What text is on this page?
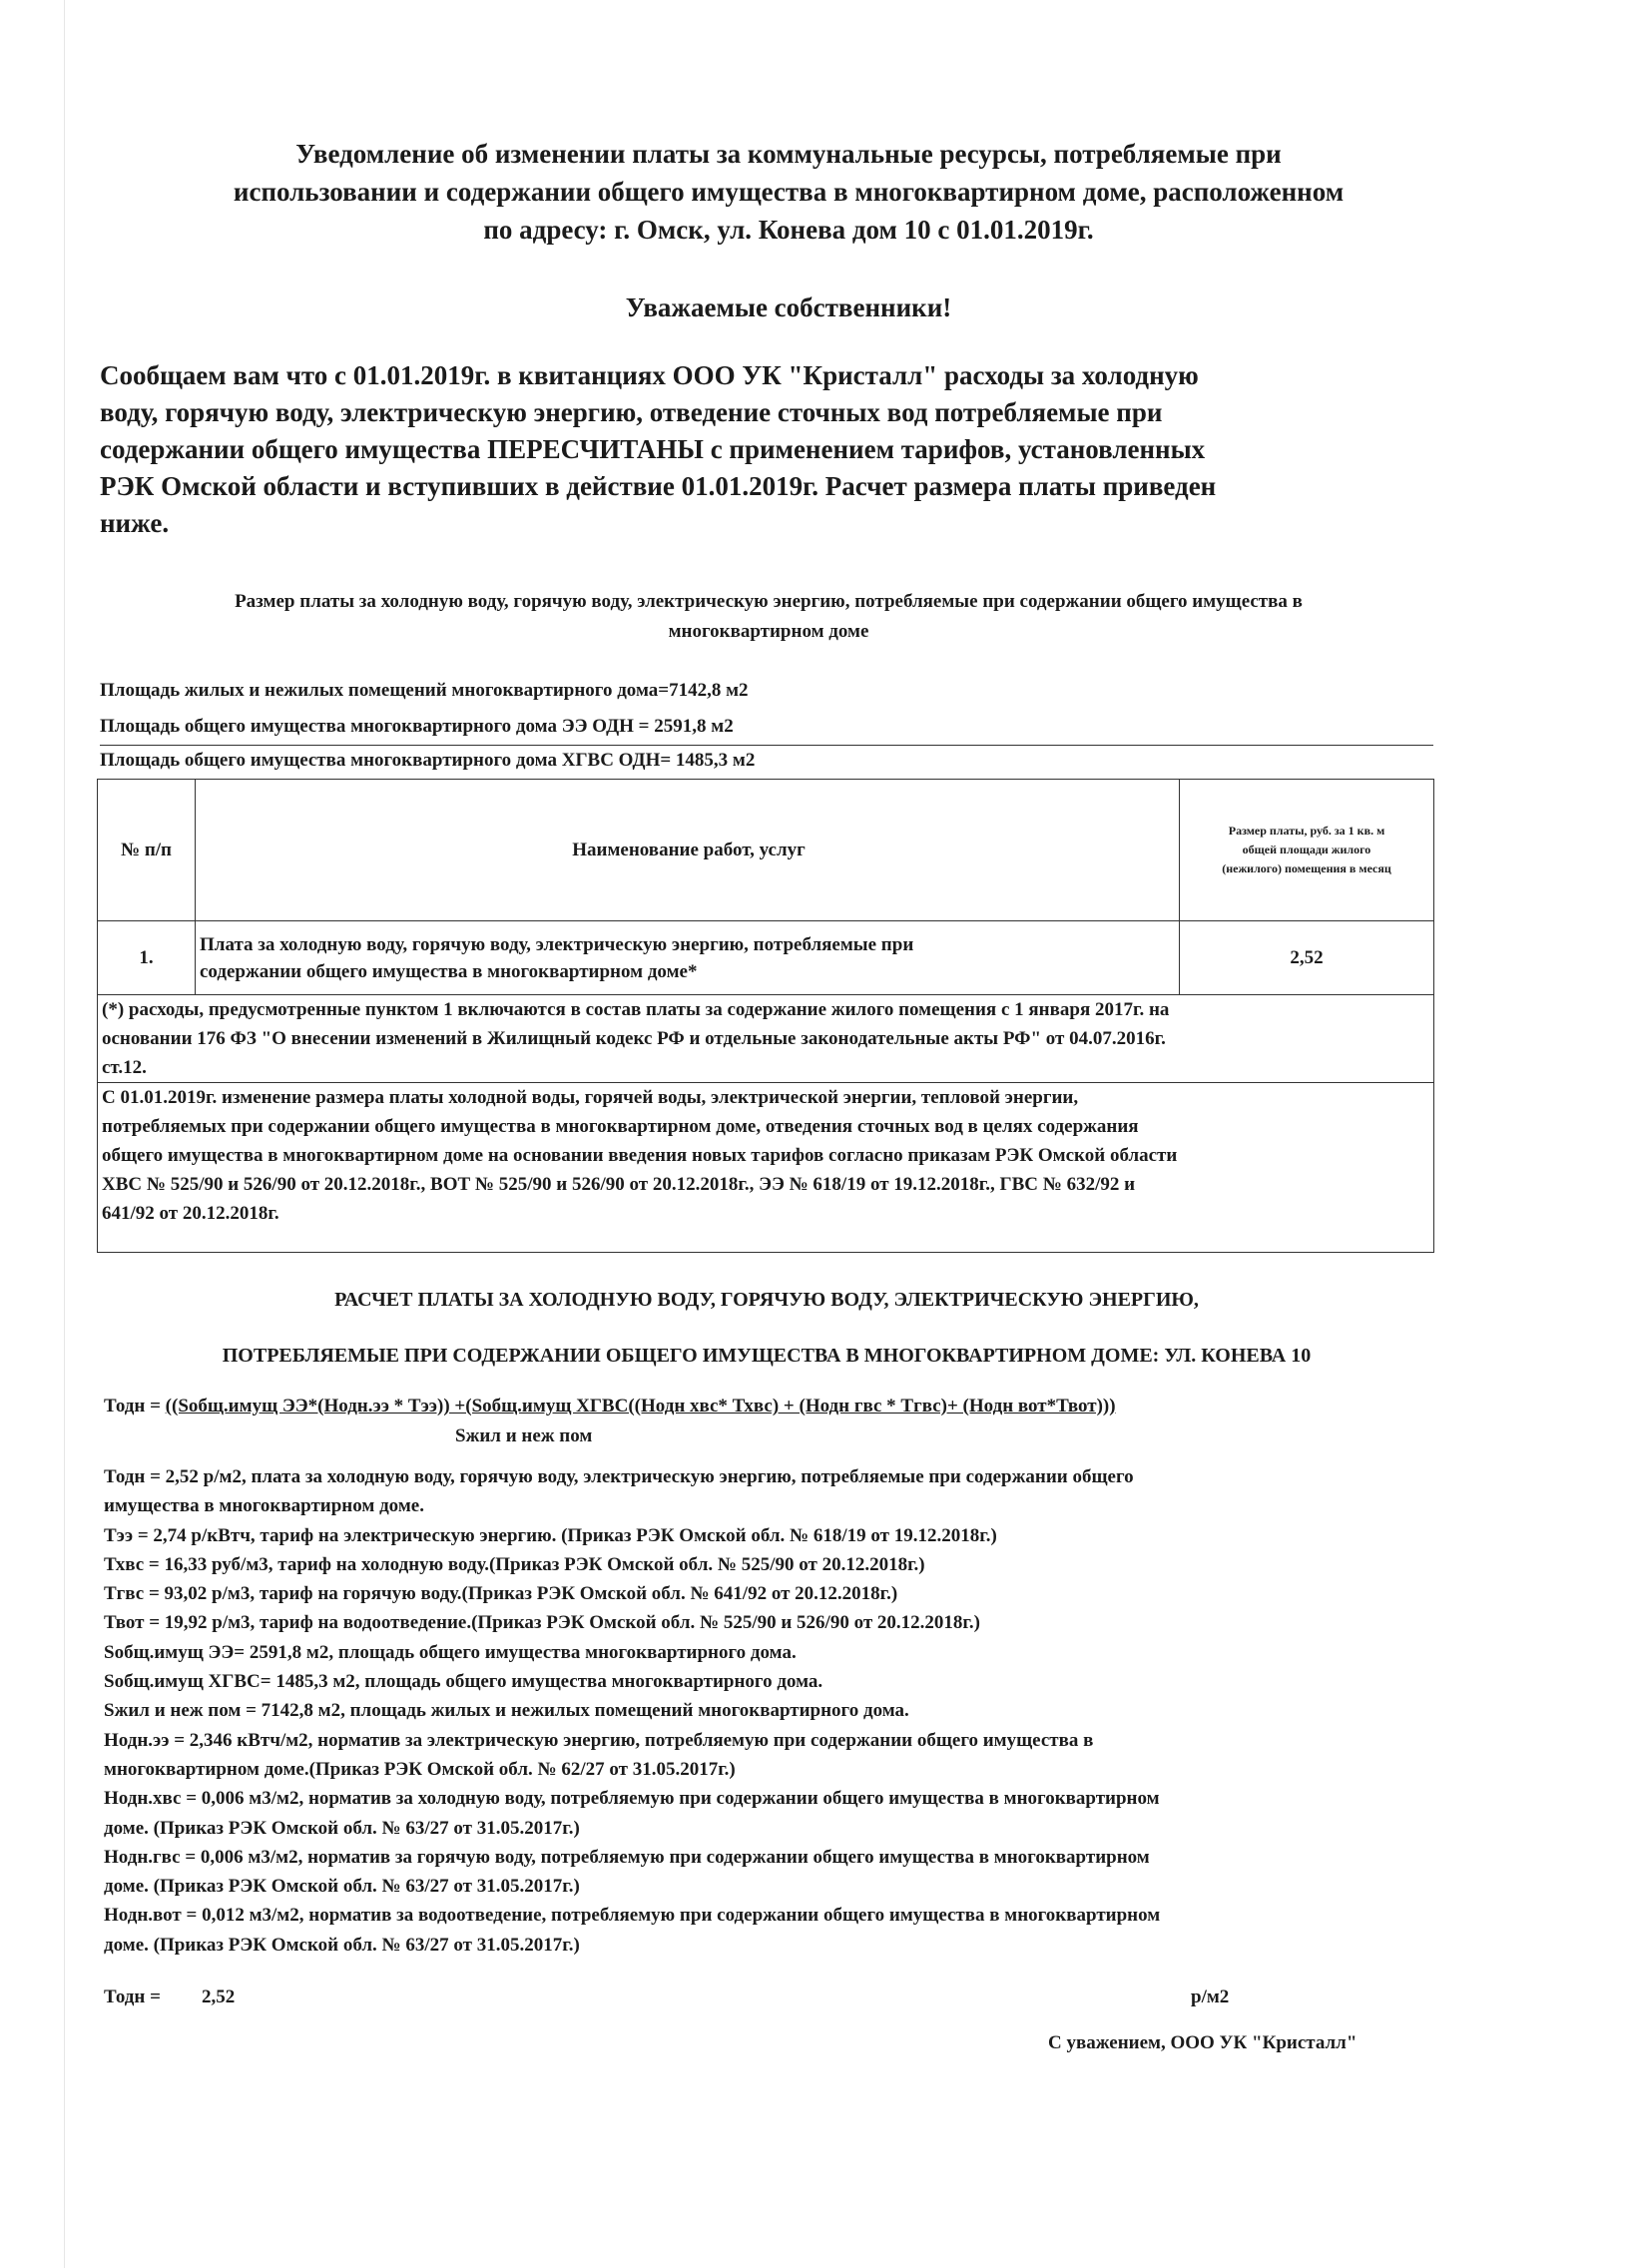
Уведомление об изменении платы за коммунальные ресурсы, потребляемые при
использовании и содержании общего имущества в многоквартирном доме, расположенном
по адресу: г. Омск, ул. Конева дом 10 с 01.01.2019г.
Уважаемые собственники!
Сообщаем вам что с 01.01.2019г. в квитанциях ООО УК "Кристалл" расходы за холодную
воду, горячую воду, электрическую энергию, отведение сточных вод потребляемые при
содержании общего имущества ПЕРЕСЧИТАНЫ с применением тарифов, установленных
РЭК Омской области и вступивших в действие 01.01.2019г. Расчет размера платы приведен
ниже.
Размер платы за холодную воду, горячую воду, электрическую энергию, потребляемые при содержании общего имущества в
многоквартирном доме
Площадь жилых и нежилых помещений многоквартирного дома=7142,8 м2
Площадь общего имущества многоквартирного дома ЭЭ ОДН = 2591,8 м2
Площадь общего имущества многоквартирного дома ХГВС ОДН= 1485,3 м2
№ п/п	Наименование работ, услуг	Размер платы, руб. за 1 кв. м
общей площади жилого
(нежилого) помещения в месяц

1.	Плата за холодную воду, горячую воду, электрическую энергию, потребляемые при
содержании общего имущества в многоквартирном доме*	2,52

(*) расходы, предусмотренные пунктом 1 включаются в состав платы за содержание жилого помещения с 1 января 2017г. на
основании 176 ФЗ "О внесении изменений в Жилищный кодекс РФ и отдельные законодательные акты РФ" от 04.07.2016г.
ст.12.		

С 01.01.2019г. изменение размера платы холодной воды, горячей воды, электрической энергии, тепловой энергии,
потребляемых при содержании общего имущества в многоквартирном доме, отведения сточных вод в целях содержания
общего имущества в многоквартирном доме на основании введения новых тарифов согласно приказам РЭК Омской области
ХВС № 525/90 и 526/90 от 20.12.2018г., ВОТ № 525/90 и 526/90 от 20.12.2018г., ЭЭ № 618/19 от 19.12.2018г., ГВС № 632/92 и
641/92 от 20.12.2018г.		
РАСЧЕТ ПЛАТЫ ЗА ХОЛОДНУЮ ВОДУ, ГОРЯЧУЮ ВОДУ, ЭЛЕКТРИЧЕСКУЮ ЭНЕРГИЮ,
ПОТРЕБЛЯЕМЫЕ ПРИ СОДЕРЖАНИИ ОБЩЕГО ИМУЩЕСТВА В МНОГОКВАРТИРНОМ ДОМЕ: УЛ. КОНЕВА 10
Тодн = ((Sобщ.имущ ЭЭ*(Нодн.ээ * Тээ)) +(Sобщ.имущ ХГВС((Нодн хвс* Тхвс) + (Нодн гвс * Тгвс)+ (Нодн вот*Твот)))
Sжил и неж пом
Тодн = 2,52 р/м2, плата за холодную воду, горячую воду, электрическую энергию, потребляемые при содержании общего
имущества в многоквартирном доме.
Тээ = 2,74 р/кВтч, тариф на электрическую энергию. (Приказ РЭК Омской обл. № 618/19 от 19.12.2018г.)
Тхвс = 16,33 руб/м3, тариф на холодную воду.(Приказ РЭК Омской обл. № 525/90 от 20.12.2018г.)
Тгвс = 93,02 р/м3, тариф на горячую воду.(Приказ РЭК Омской обл. № 641/92 от 20.12.2018г.)
Твот = 19,92 р/м3, тариф на водоотведение.(Приказ РЭК Омской обл. № 525/90 и 526/90 от 20.12.2018г.)
Sобщ.имущ ЭЭ= 2591,8 м2, площадь общего имущества многоквартирного дома.
Sобщ.имущ ХГВС= 1485,3 м2, площадь общего имущества многоквартирного дома.
Sжил и неж пом = 7142,8 м2, площадь жилых и нежилых помещений многоквартирного дома.
Нодн.ээ = 2,346 кВтч/м2, норматив за электрическую энергию, потребляемую при содержании общего имущества в
многоквартирном доме.(Приказ РЭК Омской обл. № 62/27 от 31.05.2017г.)
Нодн.хвс = 0,006 м3/м2, норматив за холодную воду, потребляемую при содержании общего имущества в многоквартирном
доме. (Приказ РЭК Омской обл. № 63/27 от 31.05.2017г.)
Нодн.гвс = 0,006 м3/м2, норматив за горячую воду, потребляемую при содержании общего имущества в многоквартирном
доме. (Приказ РЭК Омской обл. № 63/27 от 31.05.2017г.)
Нодн.вот = 0,012 м3/м2, норматив за водоотведение, потребляемую при содержании общего имущества в многоквартирном
доме. (Приказ РЭК Омской обл. № 63/27 от 31.05.2017г.)
Тодн = 2,52	р/м2
С уважением, ООО УК "Кристалл"
